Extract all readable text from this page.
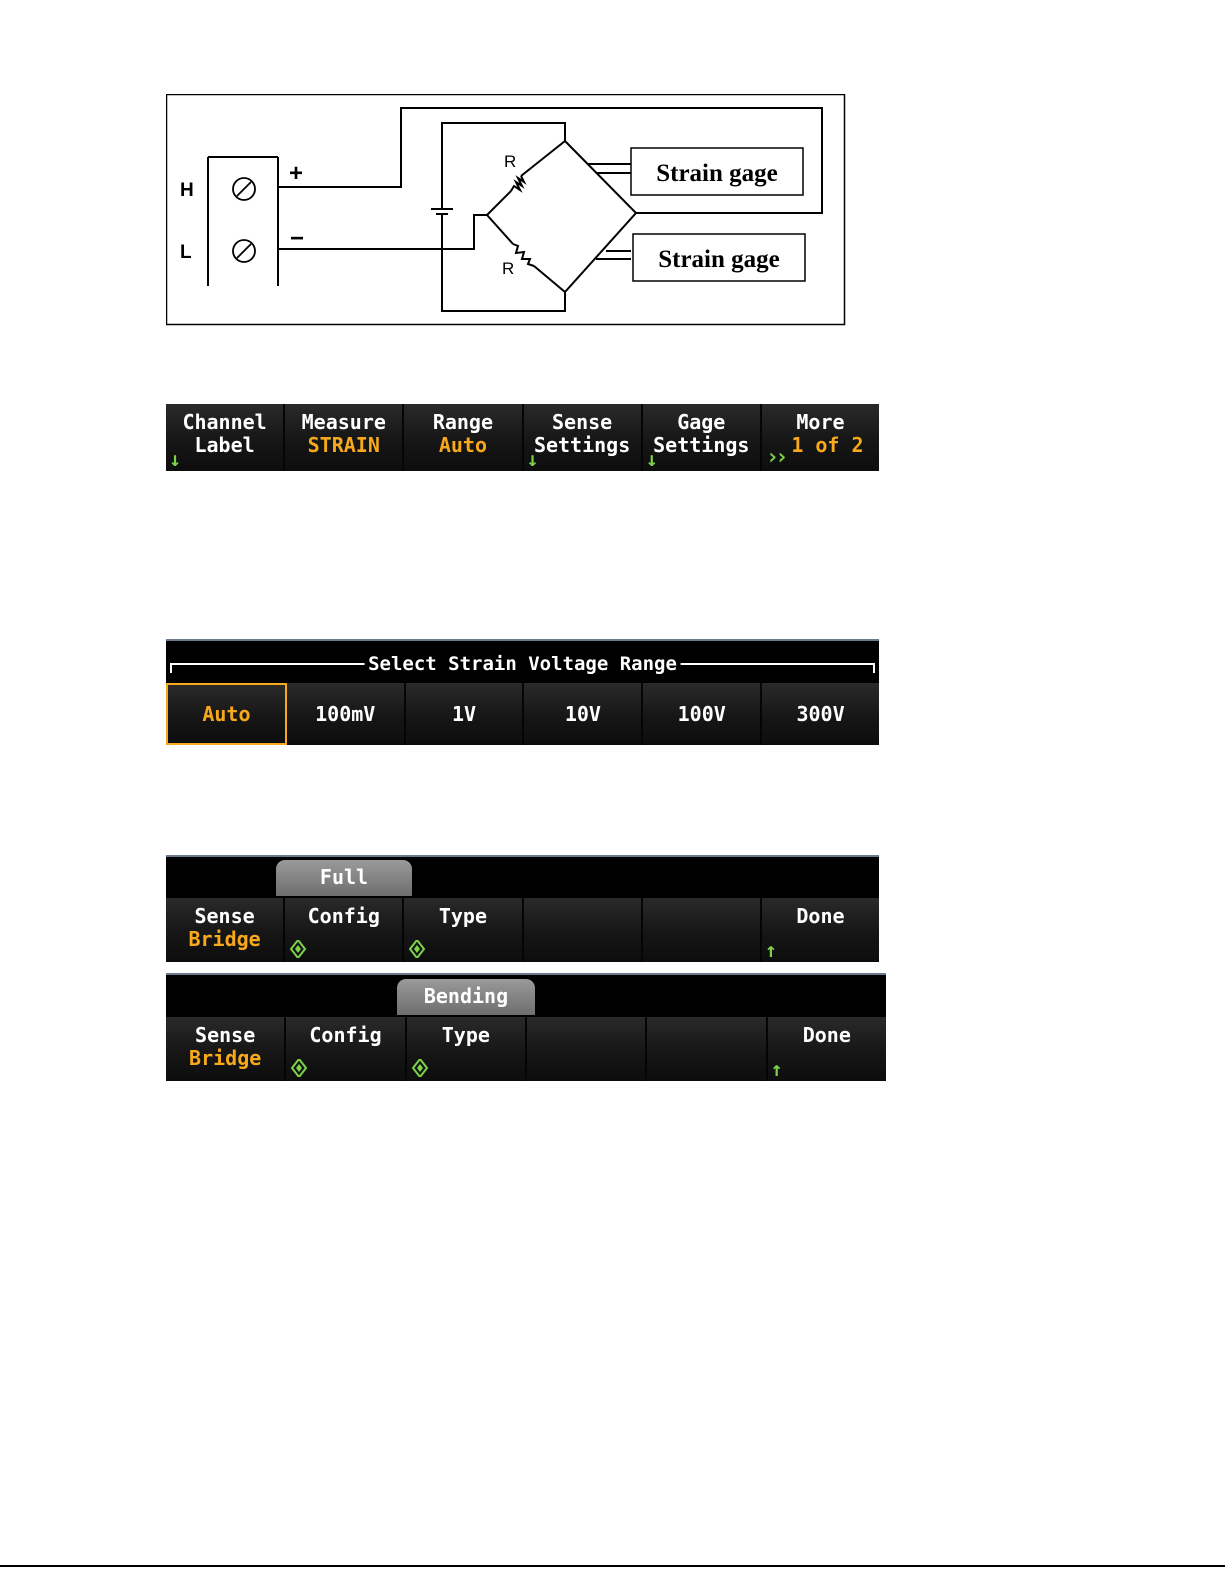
H
L
+
−
R
R
Strain gage
Strain gage
Channel
Label
↓
Measure
STRAIN
Range
Auto
Sense
Settings
↓
Gage
Settings
↓
More
1 of 2
››
Select Strain Voltage Range
Auto	100mV	1V	10V	100V	300V
Full
Sense
Bridge
Config	Type	Done
↑
Bending
Sense
Bridge
Config	Type	Done
↑
